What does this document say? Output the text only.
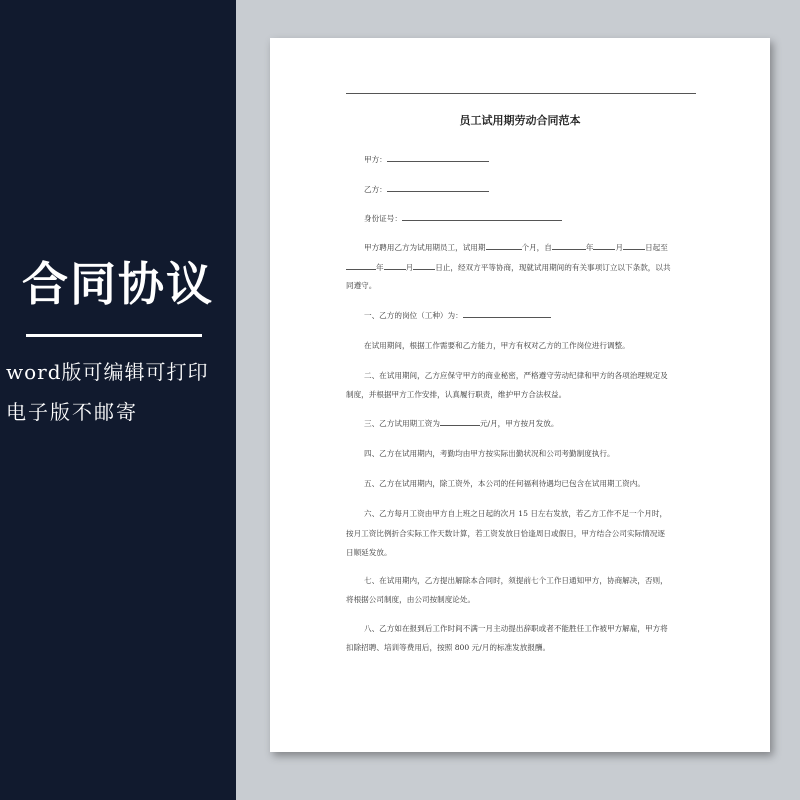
合同协议
word版可编辑可打印
电子版不邮寄
员工试用期劳动合同范本
甲方：
乙方：
身份证号：
甲方聘用乙方为试用期员工，试用期	个月，自	年	月	日起至
年	月	日止，经双方平等协商，现就试用期间的有关事项订立以下条款，以共
同遵守。
一、乙方的岗位（工种）为：
在试用期间，根据工作需要和乙方能力，甲方有权对乙方的工作岗位进行调整。
二、在试用期间，乙方应保守甲方的商业秘密，严格遵守劳动纪律和甲方的各项治理规定及
制度，并根据甲方工作安排，认真履行职责，维护甲方合法权益。
三、乙方试用期工资为	元/月，甲方按月发放。
四、乙方在试用期内，考勤均由甲方按实际出勤状况和公司考勤制度执行。
五、乙方在试用期内，除工资外，本公司的任何福利待遇均已包含在试用期工资内。
六、乙方每月工资由甲方自上班之日起的次月 15 日左右发放，若乙方工作不足一个月时，
按月工资比例折合实际工作天数计算，若工资发放日恰逢周日或假日，甲方结合公司实际情况逐
日顺延发放。
七、在试用期内，乙方提出解除本合同时，须提前七个工作日通知甲方，协商解决，否则，
将根据公司制度，由公司按制度论处。
八、乙方如在报到后工作时间不满一月主动提出辞职或者不能胜任工作被甲方解雇，甲方将
扣除招聘、培训等费用后，按照 800 元/月的标准发放报酬。
